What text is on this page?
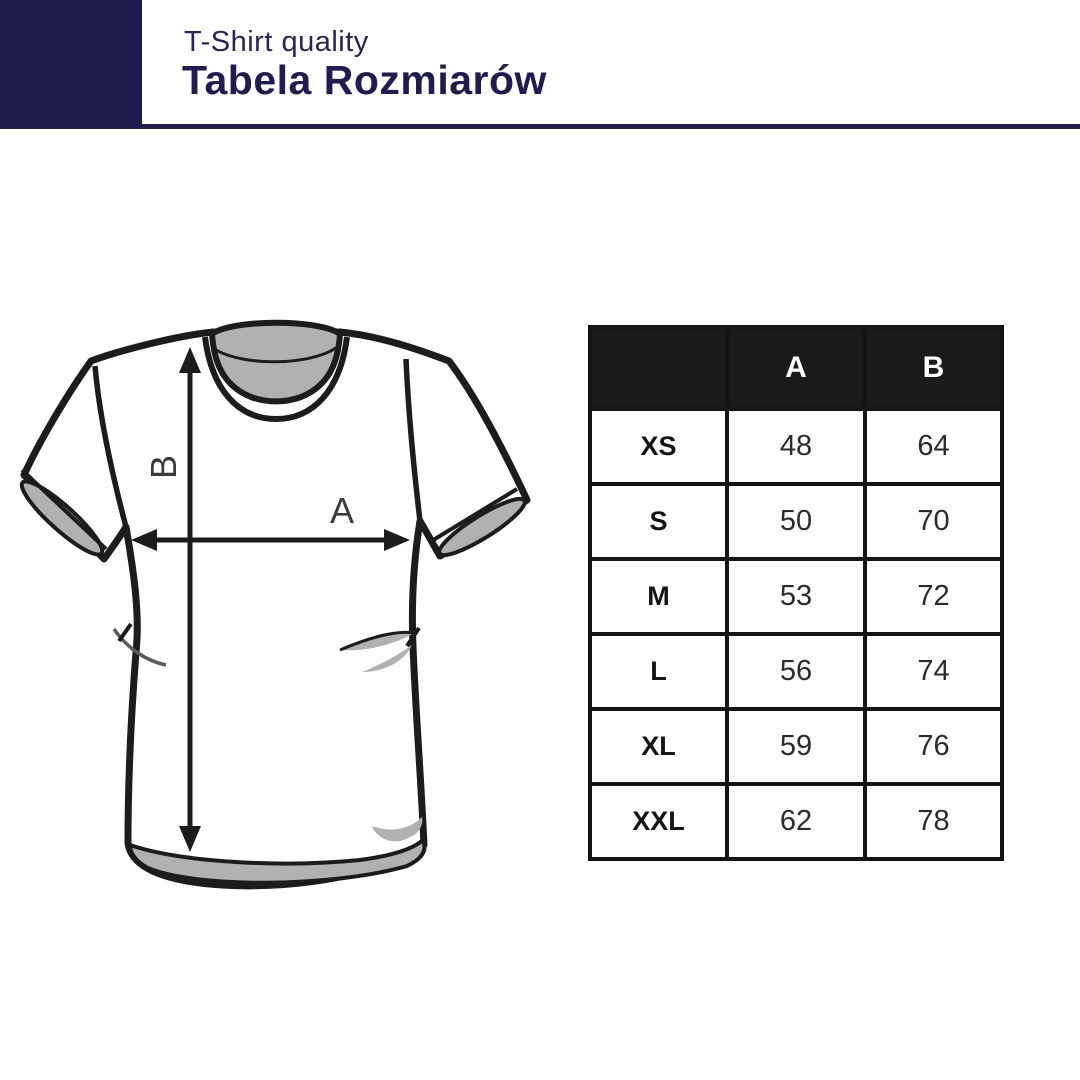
T-Shirt quality
Tabela Rozmiarów
A
B
	A	B
XS	48	64
S	50	70
M	53	72
L	56	74
XL	59	76
XXL	62	78
